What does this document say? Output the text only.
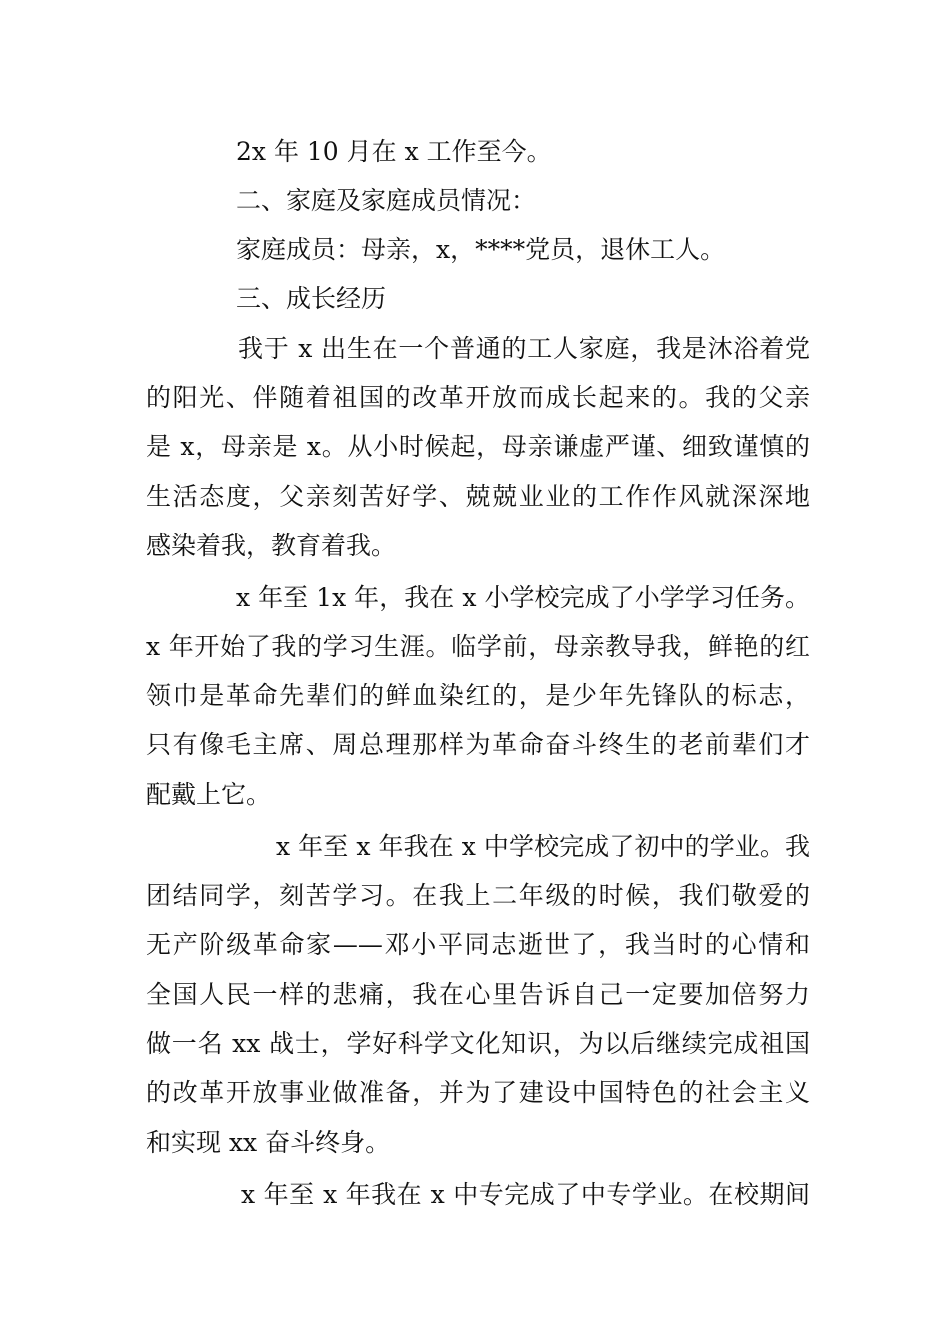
2x 年 10 月在 x 工作至今。

二、家庭及家庭成员情况：

家庭成员：母亲，x，****党员，退休工人。

三、成长经历

我于 x 出生在一个普通的工人家庭，我是沐浴着党

的阳光、伴随着祖国的改革开放而成长起来的。我的父亲

是 x，母亲是 x。从小时候起，母亲谦虚严谨、细致谨慎的

生活态度，父亲刻苦好学、兢兢业业的工作作风就深深地

感染着我，教育着我。

x 年至 1x 年，我在 x 小学校完成了小学学习任务。

x 年开始了我的学习生涯。临学前，母亲教导我，鲜艳的红

领巾是革命先辈们的鲜血染红的，是少年先锋队的标志，

只有像毛主席、周总理那样为革命奋斗终生的老前辈们才

配戴上它。

x 年至 x 年我在 x 中学校完成了初中的学业。我

团结同学，刻苦学习。在我上二年级的时候，我们敬爱的

无产阶级革命家——邓小平同志逝世了，我当时的心情和

全国人民一样的悲痛，我在心里告诉自己一定要加倍努力

做一名 xx 战士，学好科学文化知识，为以后继续完成祖国

的改革开放事业做准备，并为了建设中国特色的社会主义

和实现 xx 奋斗终身。

x 年至 x 年我在 x 中专完成了中专学业。在校期间
